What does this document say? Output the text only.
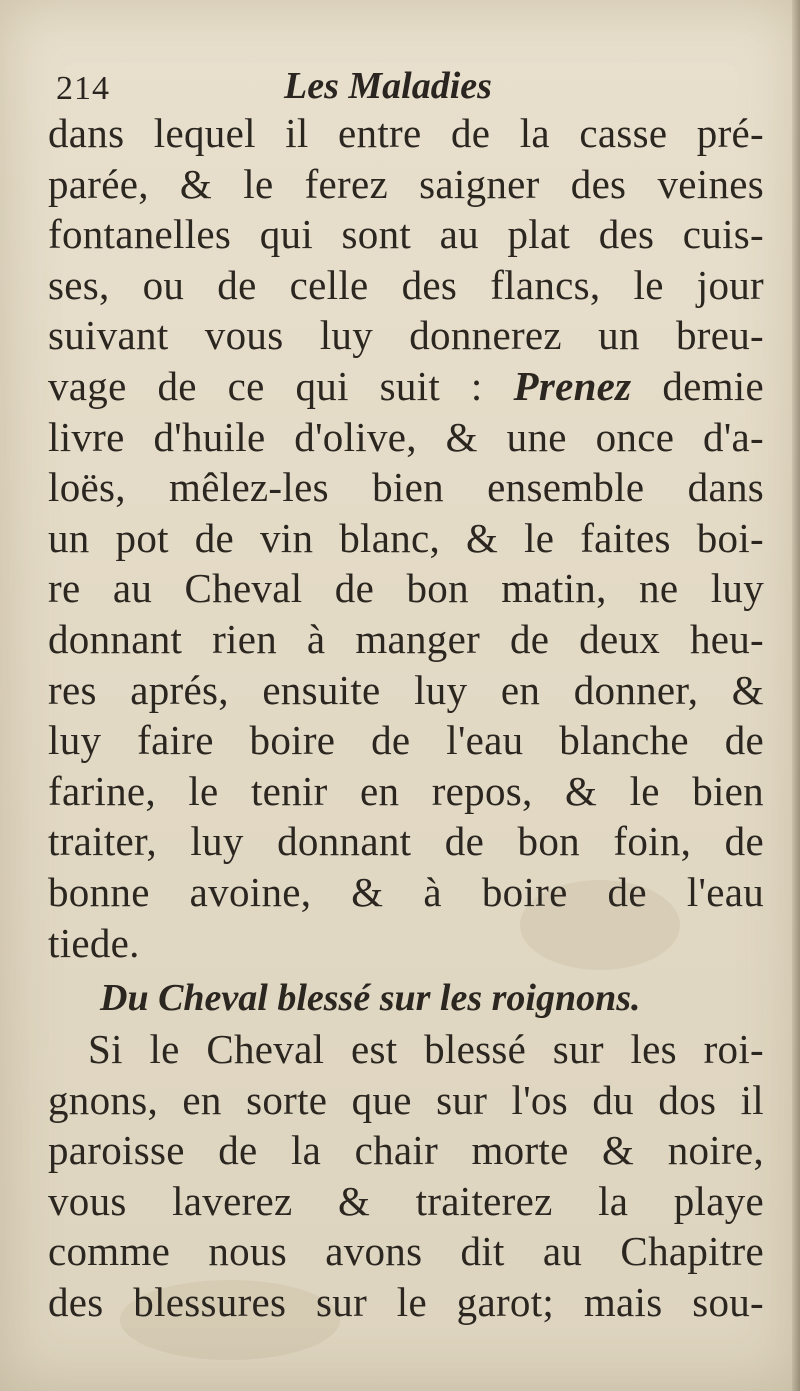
214	Les Maladies
dans lequel il entre de la casse pré-
parée, & le ferez saigner des veines
fontanelles qui sont au plat des cuis-
ses, ou de celle des flancs, le jour
suivant vous luy donnerez un breu-
vage de ce qui suit : Prenez demie
livre d'huile d'olive, & une once d'a-
loës, mêlez-les bien ensemble dans
un pot de vin blanc, & le faites boi-
re au Cheval de bon matin, ne luy
donnant rien à manger de deux heu-
res aprés, ensuite luy en donner, &
luy faire boire de l'eau blanche de
farine, le tenir en repos, & le bien
traiter, luy donnant de bon foin, de
bonne avoine, & à boire de l'eau
tiede.
Du Cheval blessé sur les roignons.
Si le Cheval est blessé sur les roi-
gnons, en sorte que sur l'os du dos il
paroisse de la chair morte & noire,
vous laverez & traiterez la playe
comme nous avons dit au Chapitre
des blessures sur le garot; mais sou-
